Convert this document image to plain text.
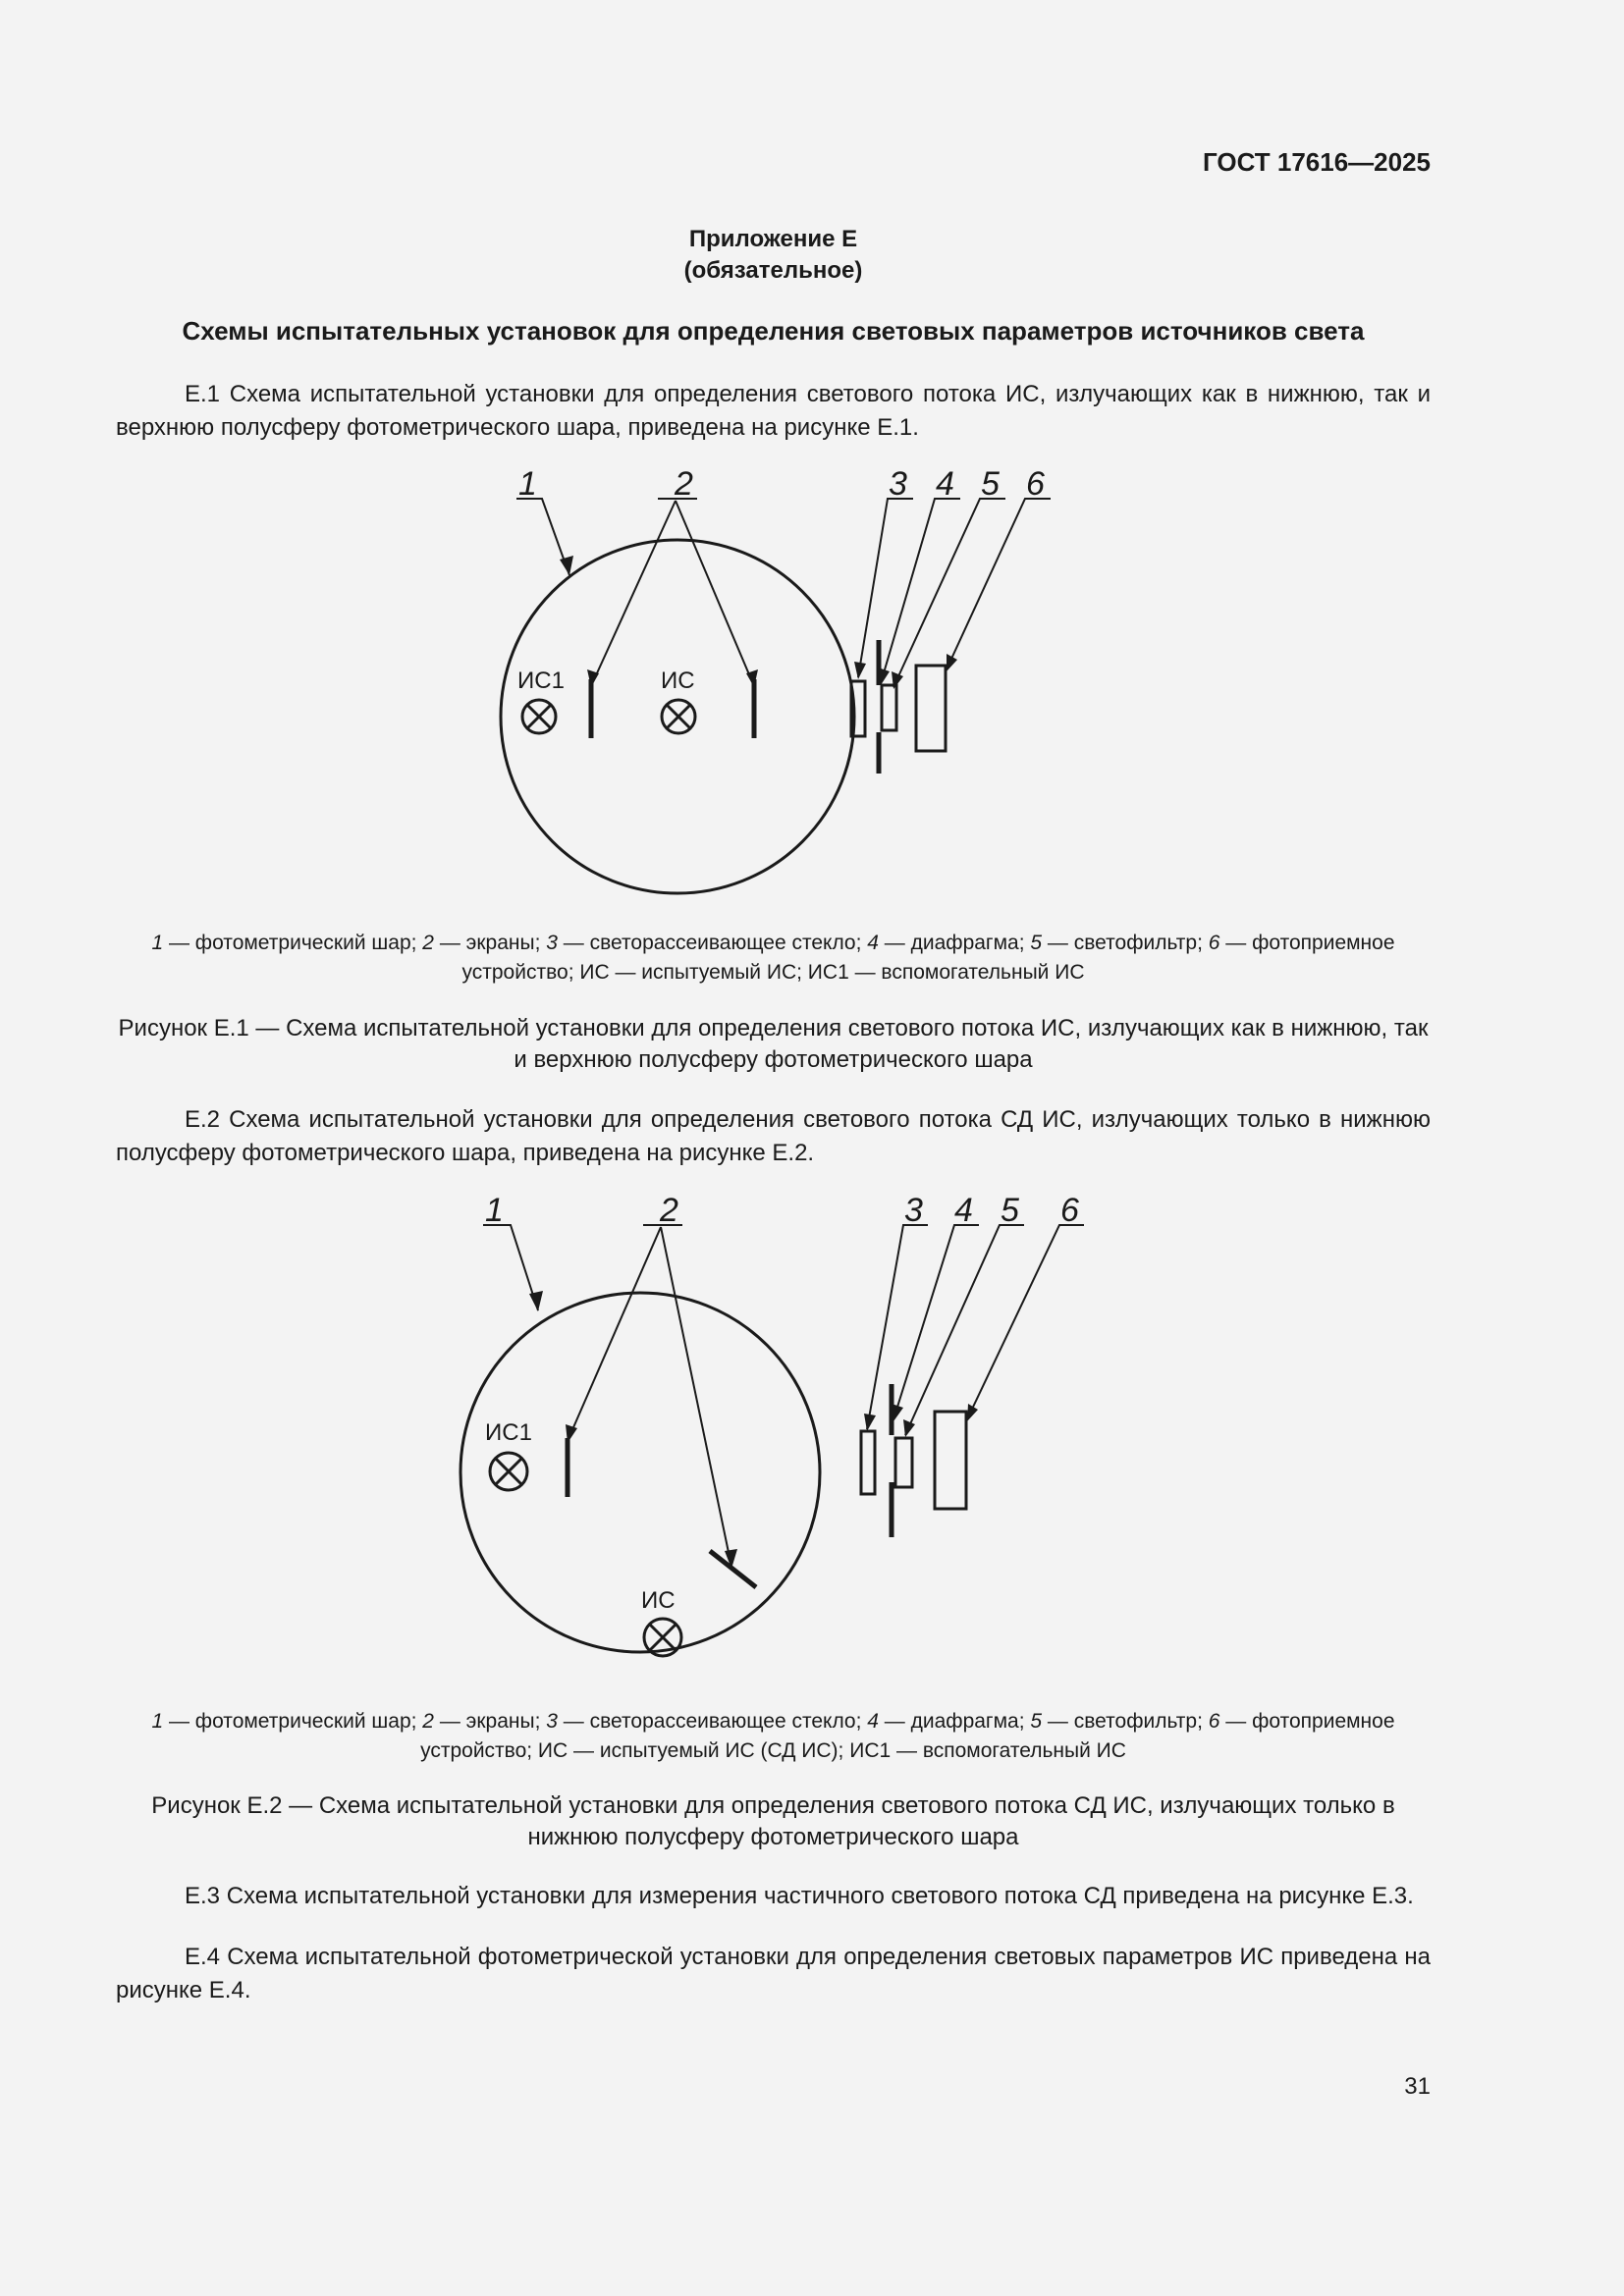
ГОСТ 17616—2025
Приложение Е
(обязательное)
Схемы испытательных установок для определения световых параметров источников света

Е.1 Схема испытательной установки для определения светового потока ИС, излучающих как в нижнюю, так и верхнюю полусферу фотометрического шара, приведена на рисунке Е.1.

1	2	3 4 5 6
ИС1	ИС
1 — фотометрический шар; 2 — экраны; 3 — светорассеивающее стекло; 4 — диафрагма; 5 — светофильтр; 6 — фотоприемное устройство; ИС — испытуемый ИС; ИС1 — вспомогательный ИС
Рисунок Е.1 — Схема испытательной установки для определения светового потока ИС, излучающих как в нижнюю, так и верхнюю полусферу фотометрического шара

Е.2 Схема испытательной установки для определения светового потока СД ИС, излучающих только в нижнюю полусферу фотометрического шара, приведена на рисунке Е.2.

1	2	3 4 5 6
ИС1
ИС
1 — фотометрический шар; 2 — экраны; 3 — светорассеивающее стекло; 4 — диафрагма; 5 — светофильтр; 6 — фотоприемное устройство; ИС — испытуемый ИС (СД ИС); ИС1 — вспомогательный ИС
Рисунок Е.2 — Схема испытательной установки для определения светового потока СД ИС, излучающих только в нижнюю полусферу фотометрического шара

Е.3 Схема испытательной установки для измерения частичного светового потока СД приведена на рисунке Е.3.

Е.4 Схема испытательной фотометрической установки для определения световых параметров ИС приведена на рисунке Е.4.

31
